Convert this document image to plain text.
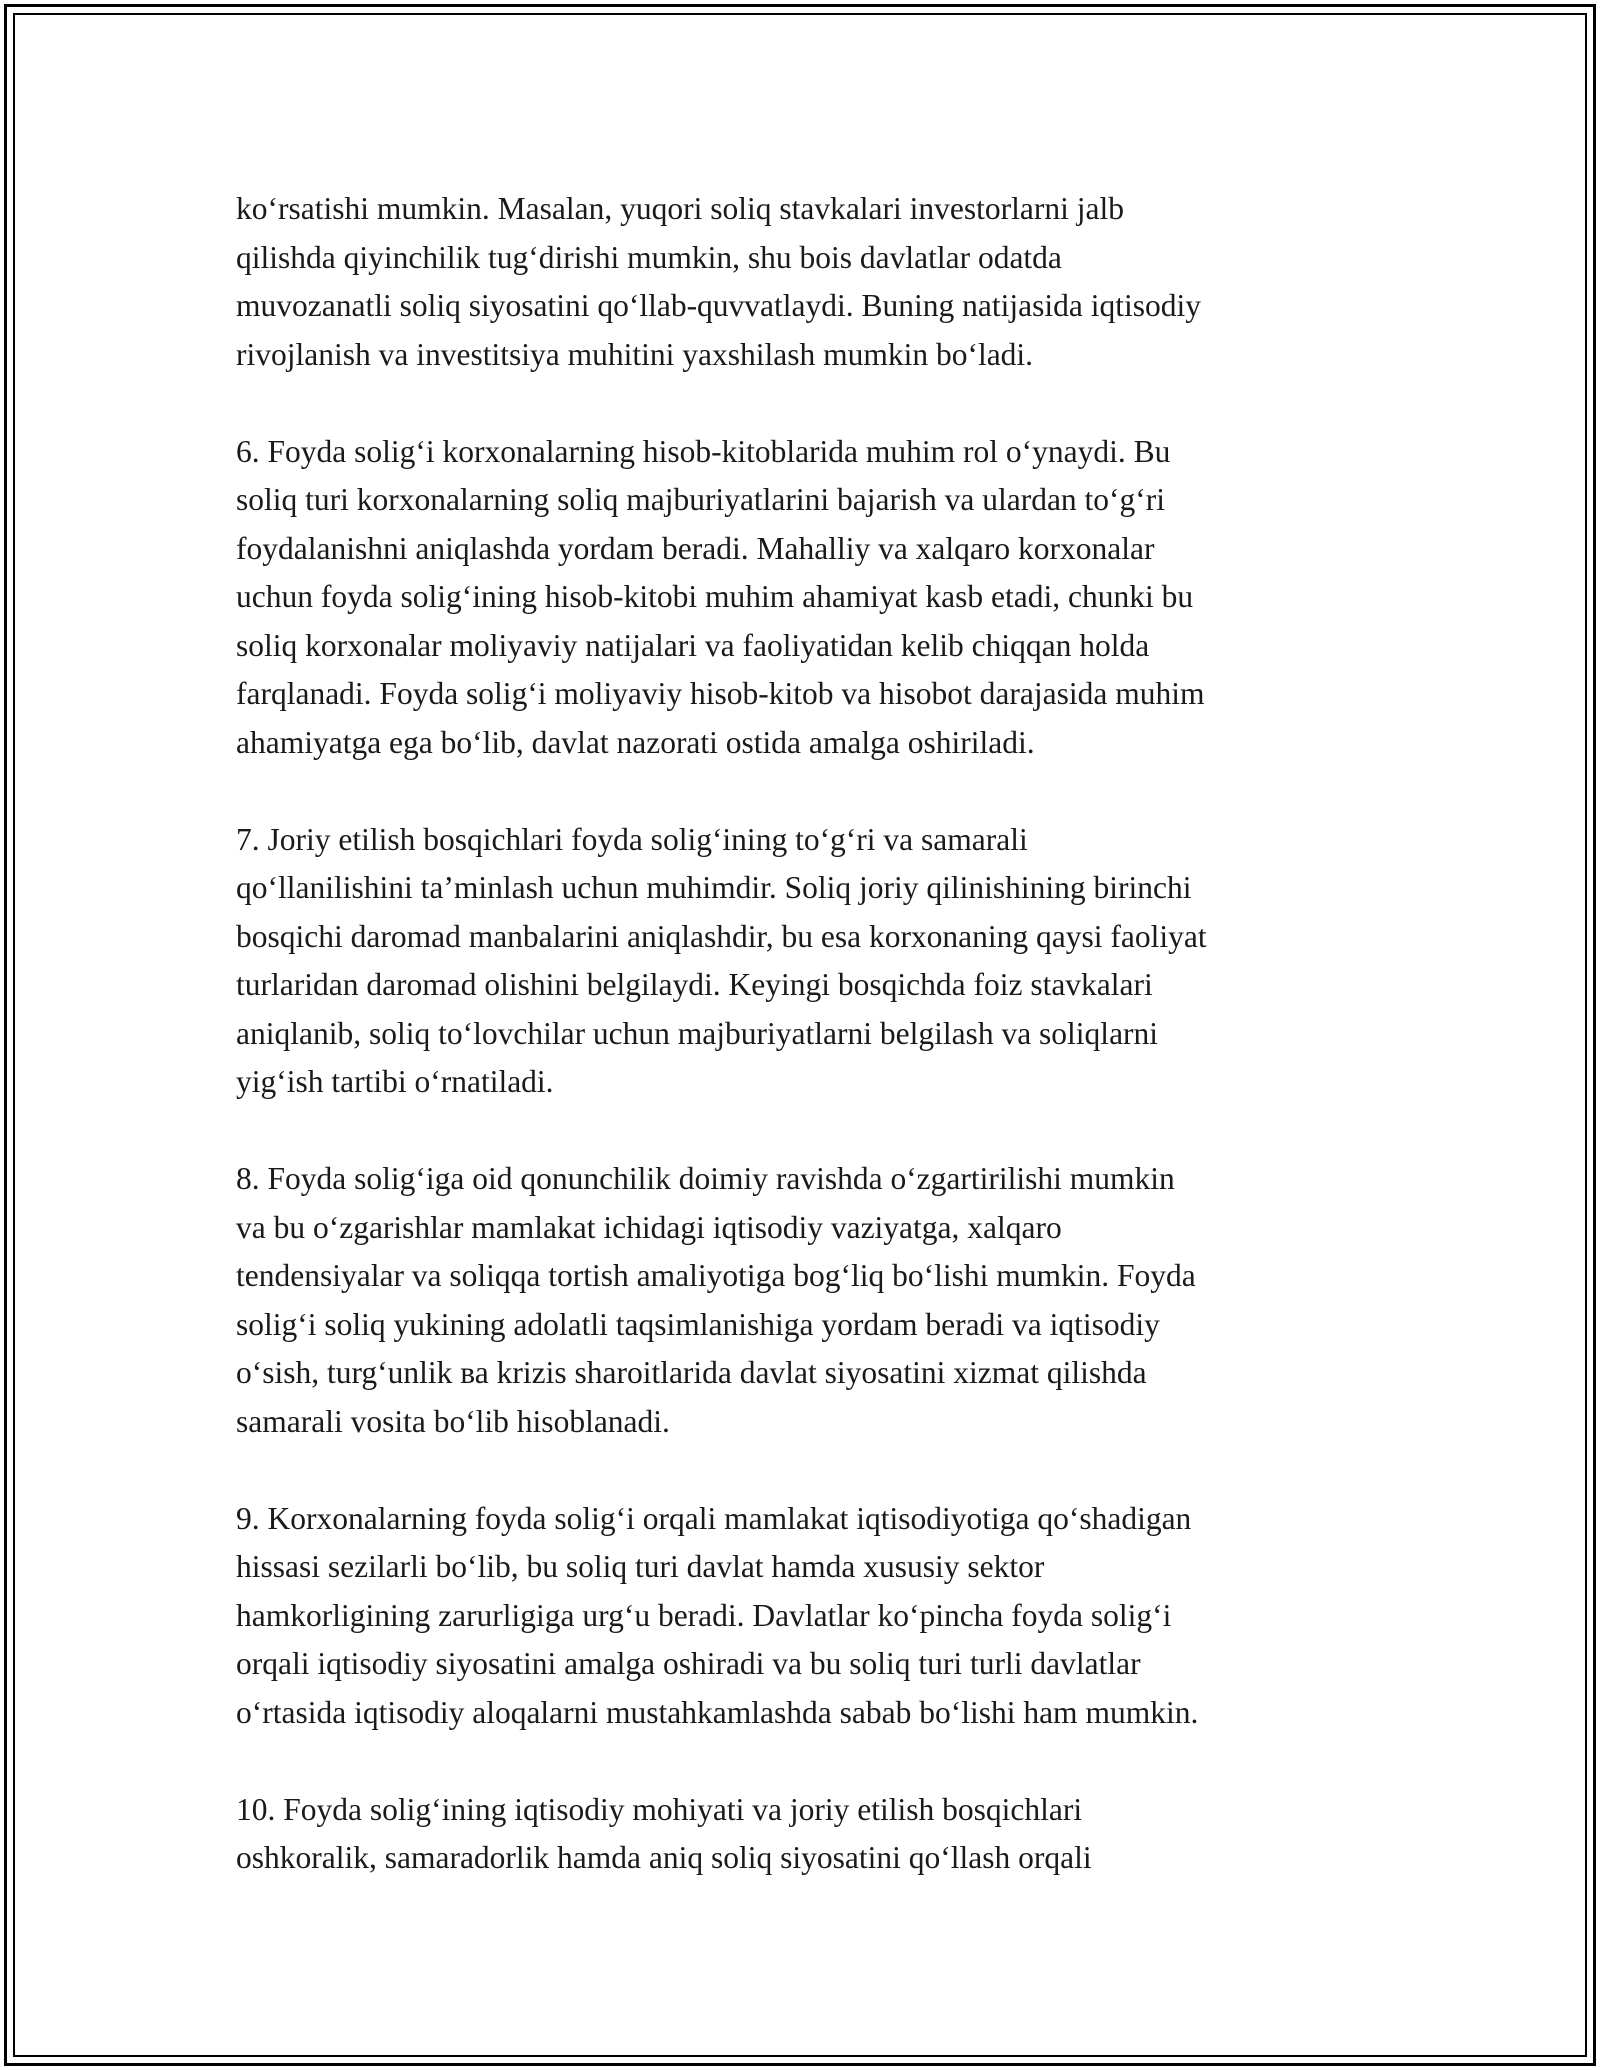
koʻrsatishi mumkin. Masalan, yuqori soliq stavkalari investorlarni jalb
qilishda qiyinchilik tugʻdirishi mumkin, shu bois davlatlar odatda
muvozanatli soliq siyosatini qoʻllab-quvvatlaydi. Buning natijasida iqtisodiy
rivojlanish va investitsiya muhitini yaxshilash mumkin boʻladi.

6. Foyda soligʻi korxonalarning hisob-kitoblarida muhim rol oʻynaydi. Bu
soliq turi korxonalarning soliq majburiyatlarini bajarish va ulardan toʻgʻri
foydalanishni aniqlashda yordam beradi. Mahalliy va xalqaro korxonalar
uchun foyda soligʻining hisob-kitobi muhim ahamiyat kasb etadi, chunki bu
soliq korxonalar moliyaviy natijalari va faoliyatidan kelib chiqqan holda
farqlanadi. Foyda soligʻi moliyaviy hisob-kitob va hisobot darajasida muhim
ahamiyatga ega boʻlib, davlat nazorati ostida amalga oshiriladi.

7. Joriy etilish bosqichlari foyda soligʻining toʻgʻri va samarali
qoʻllanilishini taʼminlash uchun muhimdir. Soliq joriy qilinishining birinchi
bosqichi daromad manbalarini aniqlashdir, bu esa korxonaning qaysi faoliyat
turlaridan daromad olishini belgilaydi. Keyingi bosqichda foiz stavkalari
aniqlanib, soliq toʻlovchilar uchun majburiyatlarni belgilash va soliqlarni
yigʻish tartibi oʻrnatiladi.

8. Foyda soligʻiga oid qonunchilik doimiy ravishda oʻzgartirilishi mumkin
va bu oʻzgarishlar mamlakat ichidagi iqtisodiy vaziyatga, xalqaro
tendensiyalar va soliqqa tortish amaliyotiga bogʻliq boʻlishi mumkin. Foyda
soligʻi soliq yukining adolatli taqsimlanishiga yordam beradi va iqtisodiy
oʻsish, turgʻunlik ва krizis sharoitlarida davlat siyosatini xizmat qilishda
samarali vosita boʻlib hisoblanadi.

9. Korxonalarning foyda soligʻi orqali mamlakat iqtisodiyotiga qoʻshadigan
hissasi sezilarli boʻlib, bu soliq turi davlat hamda xususiy sektor
hamkorligining zarurligiga urgʻu beradi. Davlatlar koʻpincha foyda soligʻi
orqali iqtisodiy siyosatini amalga oshiradi va bu soliq turi turli davlatlar
oʻrtasida iqtisodiy aloqalarni mustahkamlashda sabab boʻlishi ham mumkin.

10. Foyda soligʻining iqtisodiy mohiyati va joriy etilish bosqichlari
oshkoralik, samaradorlik hamda aniq soliq siyosatini qoʻllash orqali
